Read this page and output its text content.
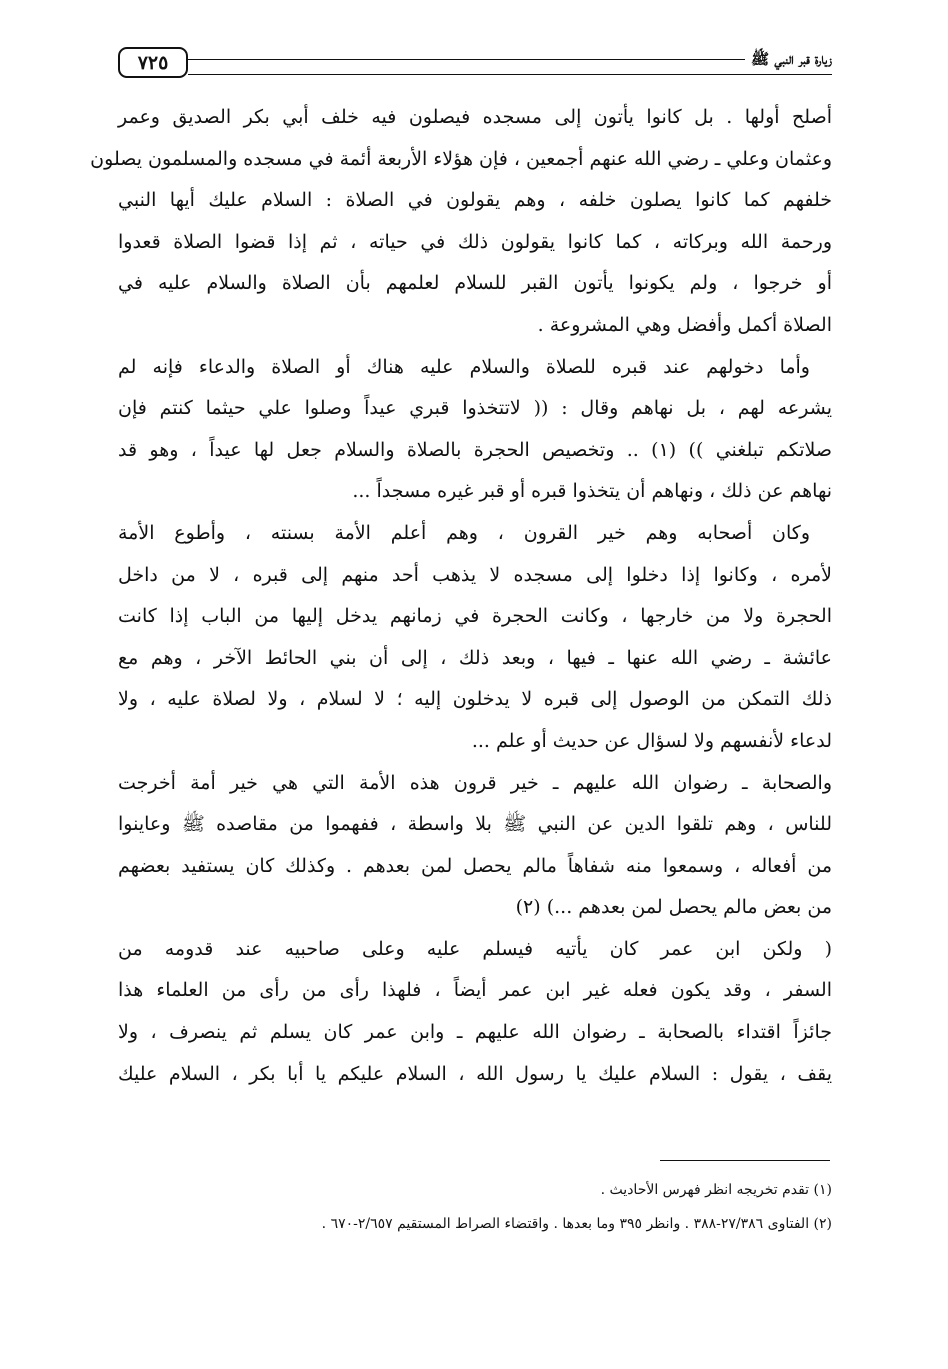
٧٢٥	زيارة قبر النبي ﷺ
أصلح أولها . بل كانوا يأتون إلى مسجده فيصلون فيه خلف أبي بكر الصديق وعمر
وعثمان وعلي ـ رضي الله عنهم أجمعين ، فإن هؤلاء الأربعة أئمة في مسجده والمسلمون يصلون
خلفهم كما كانوا يصلون خلفه ، وهم يقولون في الصلاة : السلام عليك أيها النبي
ورحمة الله وبركاته ، كما كانوا يقولون ذلك في حياته ، ثم إذا قضوا الصلاة قعدوا
أو خرجوا ، ولم يكونوا يأتون القبر للسلام لعلمهم بأن الصلاة والسلام عليه في
الصلاة أكمل وأفضل وهي المشروعة .
وأما دخولهم عند قبره للصلاة والسلام عليه هناك أو الصلاة والدعاء فإنه لم
يشرعه لهم ، بل نهاهم وقال : (( لاتتخذوا قبري عيداً وصلوا علي حيثما كنتم فإن
صلاتكم تبلغني )) (١) .. وتخصيص الحجرة بالصلاة والسلام جعل لها عيداً ، وهو قد
نهاهم عن ذلك ، ونهاهم أن يتخذوا قبره أو قبر غيره مسجداً ...
وكان أصحابه وهم خير القرون ، وهم أعلم الأمة بسنته ، وأطوع الأمة
لأمره ، وكانوا إذا دخلوا إلى مسجده لا يذهب أحد منهم إلى قبره ، لا من داخل
الحجرة ولا من خارجها ، وكانت الحجرة في زمانهم يدخل إليها من الباب إذا كانت
عائشة ـ رضي الله عنها ـ فيها ، وبعد ذلك ، إلى أن بني الحائط الآخر ، وهم مع
ذلك التمكن من الوصول إلى قبره لا يدخلون إليه ؛ لا لسلام ، ولا لصلاة عليه ، ولا
لدعاء لأنفسهم ولا لسؤال عن حديث أو علم ...
والصحابة ـ رضوان الله عليهم ـ خير قرون هذه الأمة التي هي خير أمة أخرجت
للناس ، وهم تلقوا الدين عن النبي ﷺ بلا واسطة ، ففهموا من مقاصده ﷺ وعاينوا
من أفعاله ، وسمعوا منه شفاهاً مالم يحصل لمن بعدهم . وكذلك كان يستفيد بعضهم
من بعض مالم يحصل لمن بعدهم ...) (٢)
( ولكن ابن عمر كان يأتيه فيسلم عليه وعلى صاحبيه عند قدومه من
السفر ، وقد يكون فعله غير ابن عمر أيضاً ، فلهذا رأى من رأى من العلماء هذا
جائزاً اقتداء بالصحابة ـ رضوان الله عليهم ـ وابن عمر كان يسلم ثم ينصرف ، ولا
يقف ، يقول : السلام عليك يا رسول الله ، السلام عليكم يا أبا بكر ، السلام عليك
(١) تقدم تخريجه انظر فهرس الأحاديث .
(٢) الفتاوى ٢٧/٣٨٦-٣٨٨ . وانظر ٣٩٥ وما بعدها . واقتضاء الصراط المستقيم ٢/٦٥٧-٦٧٠ .
